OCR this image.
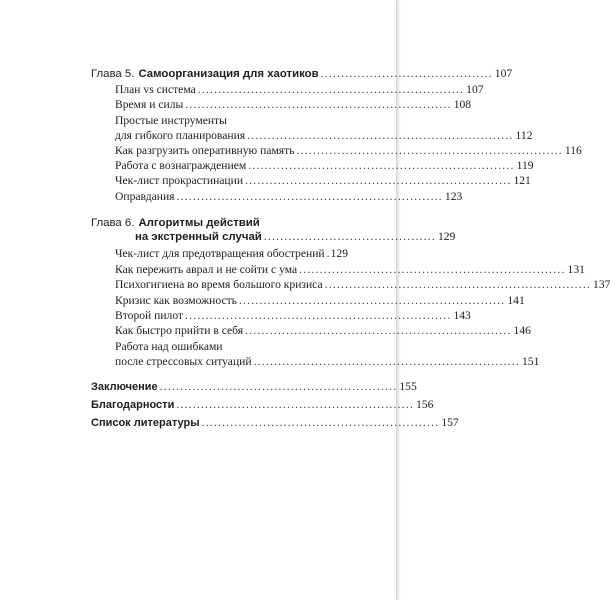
Глава 5. Самоорганизация для хаотиков .......................................... 107
План vs система ................................................................. 107
Время и силы ................................................................. 108
Простые инструменты
для гибкого планирования ................................................................. 112
Как разгрузить оперативную память ................................................................. 116
Работа с вознаграждением ................................................................. 119
Чек-лист прокрастинации ................................................................. 121
Оправдания ................................................................. 123
Глава 6. Алгоритмы действий
на экстренный случай .......................................... 129
Чек-лист для предотвращения обострений 129
Как пережить аврал и не сойти с ума ................................................................. 131
Психогигиена во время большого кризиса ................................................................. 137
Кризис как возможность ................................................................. 141
Второй пилот ................................................................. 143
Как быстро прийти в себя ................................................................. 146
Работа над ошибками
после стрессовых ситуаций ................................................................. 151
Заключение .......................................................... 155
Благодарности .......................................................... 156
Список литературы .......................................................... 157
